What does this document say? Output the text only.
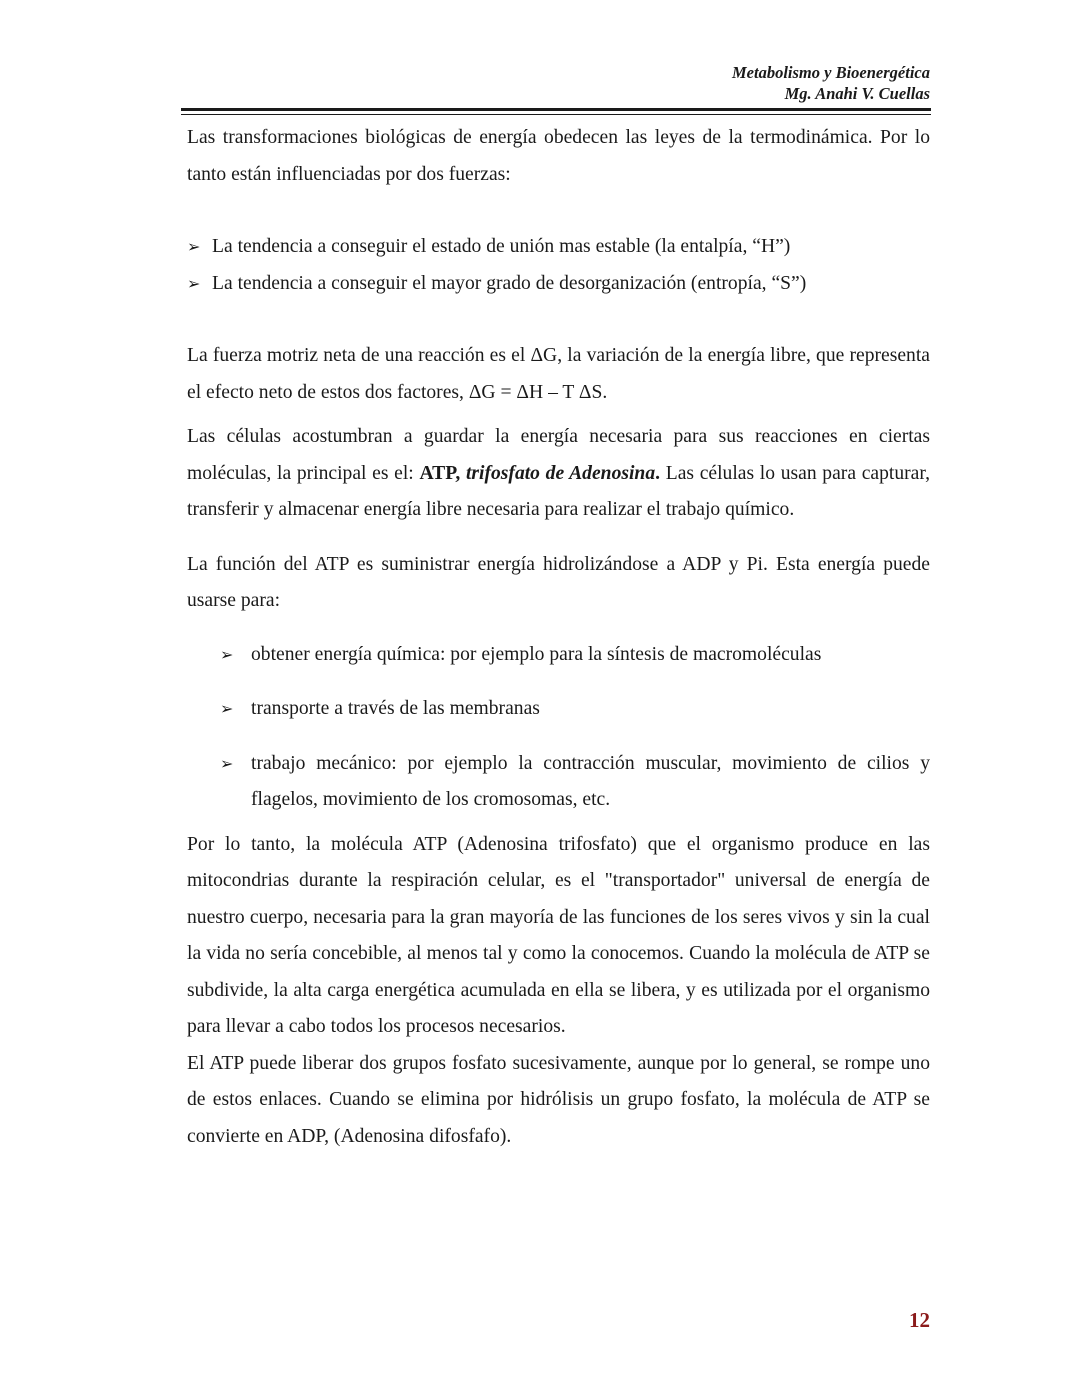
Metabolismo y Bioenergética
Mg. Anahi V. Cuellas

Las transformaciones biológicas de energía obedecen las leyes de la termodinámica. Por lo tanto están influenciadas por dos fuerzas:

➢ La tendencia a conseguir el estado de unión mas estable (la entalpía, “H”)
➢ La tendencia a conseguir el mayor grado de desorganización (entropía, “S”)

La fuerza motriz neta de una reacción es el ΔG, la variación de la energía libre, que representa el efecto neto de estos dos factores, ΔG = ΔH – T ΔS.

Las células acostumbran a guardar la energía necesaria para sus reacciones en ciertas moléculas, la principal es el: ATP, trifosfato de Adenosina. Las células lo usan para capturar, transferir y almacenar energía libre necesaria para realizar el trabajo químico.

La función del ATP es suministrar energía hidrolizándose a ADP y Pi. Esta energía puede usarse para:

➢ obtener energía química: por ejemplo para la síntesis de macromoléculas
➢ transporte a través de las membranas
➢ trabajo mecánico: por ejemplo la contracción muscular, movimiento de cilios y flagelos, movimiento de los cromosomas, etc.

Por lo tanto, la molécula ATP (Adenosina trifosfato) que el organismo produce en las mitocondrias durante la respiración celular, es el "transportador" universal de energía de nuestro cuerpo, necesaria para la gran mayoría de las funciones de los seres vivos y sin la cual la vida no sería concebible, al menos tal y como la conocemos. Cuando la molécula de ATP se subdivide, la alta carga energética acumulada en ella se libera, y es utilizada por el organismo para llevar a cabo todos los procesos necesarios.

El ATP puede liberar dos grupos fosfato sucesivamente, aunque por lo general, se rompe uno de estos enlaces. Cuando se elimina por hidrólisis un grupo fosfato, la molécula de ATP se convierte en ADP, (Adenosina difosfafo).

12
